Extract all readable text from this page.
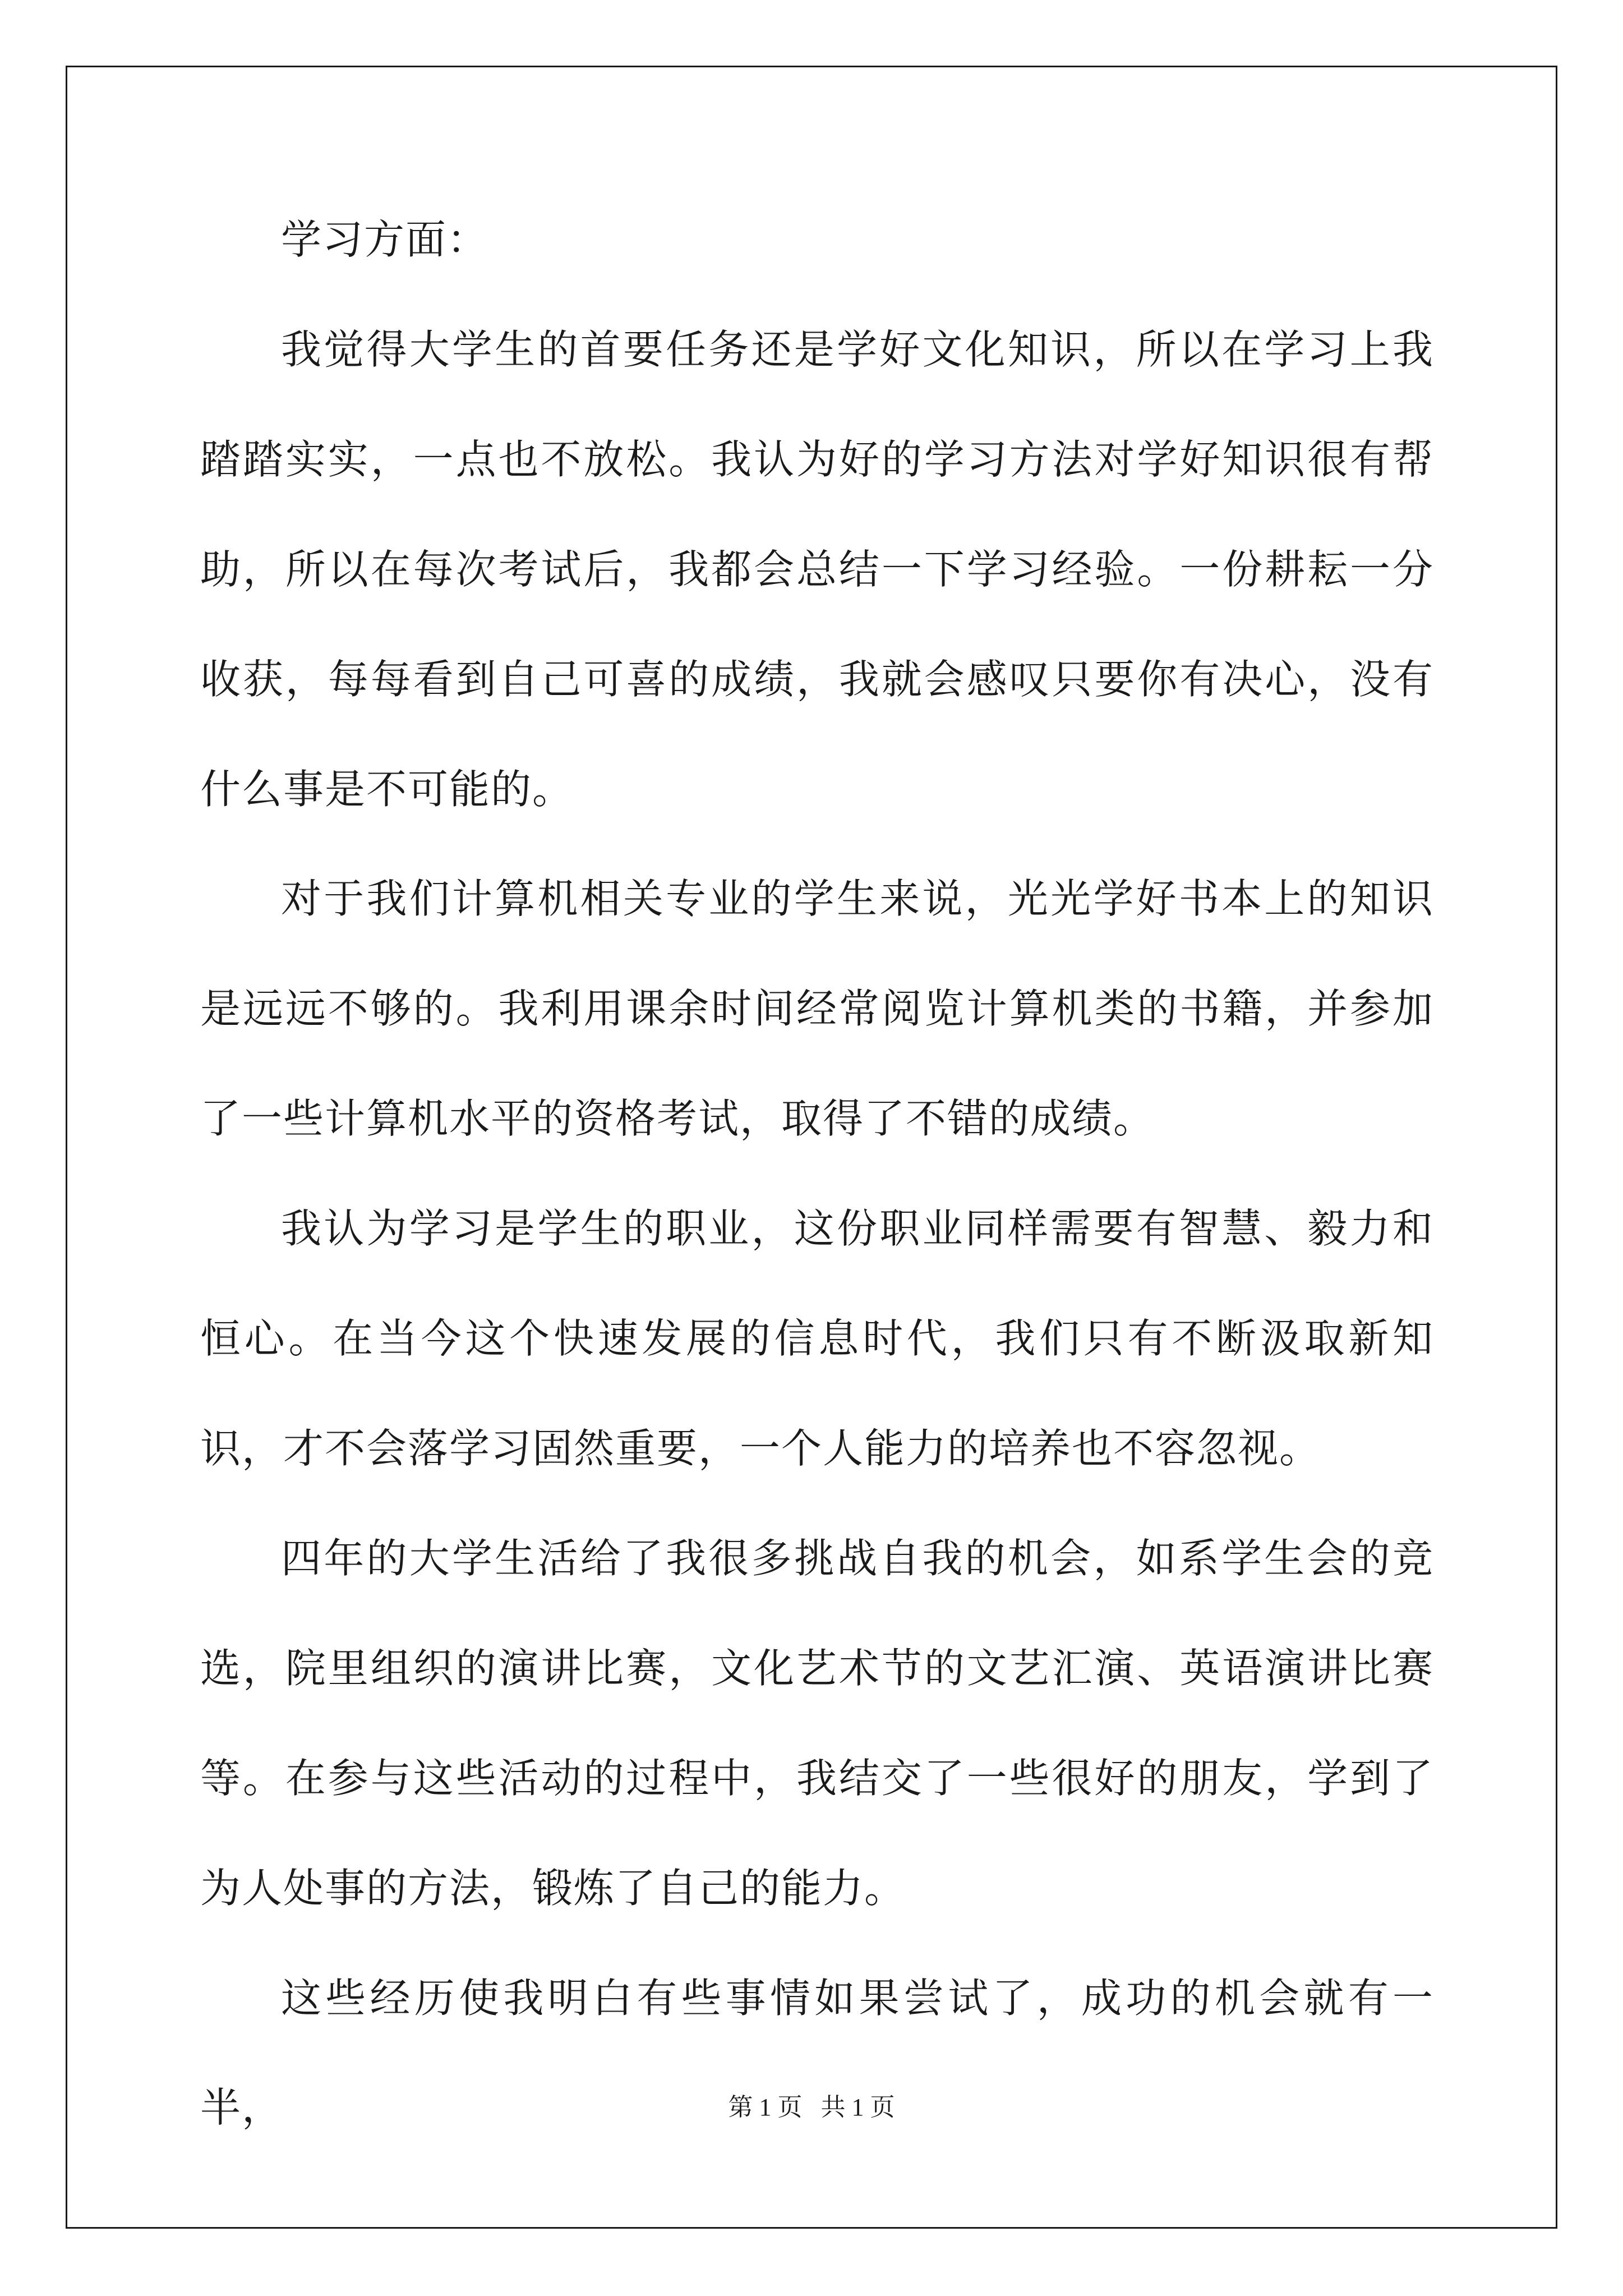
学习方面：

我觉得大学生的首要任务还是学好文化知识，所以在学习上我踏踏实实，一点也不放松。我认为好的学习方法对学好知识很有帮助，所以在每次考试后，我都会总结一下学习经验。一份耕耘一分收获，每每看到自己可喜的成绩，我就会感叹只要你有决心，没有什么事是不可能的。

对于我们计算机相关专业的学生来说，光光学好书本上的知识是远远不够的。我利用课余时间经常阅览计算机类的书籍，并参加了一些计算机水平的资格考试，取得了不错的成绩。

我认为学习是学生的职业，这份职业同样需要有智慧、毅力和恒心。在当今这个快速发展的信息时代，我们只有不断汲取新知识，才不会落学习固然重要，一个人能力的培养也不容忽视。

四年的大学生活给了我很多挑战自我的机会，如系学生会的竞选，院里组织的演讲比赛，文化艺术节的文艺汇演、英语演讲比赛等。在参与这些活动的过程中，我结交了一些很好的朋友，学到了为人处事的方法，锻炼了自己的能力。

这些经历使我明白有些事情如果尝试了，成功的机会就有一半，	第 1 页   共 1 页
